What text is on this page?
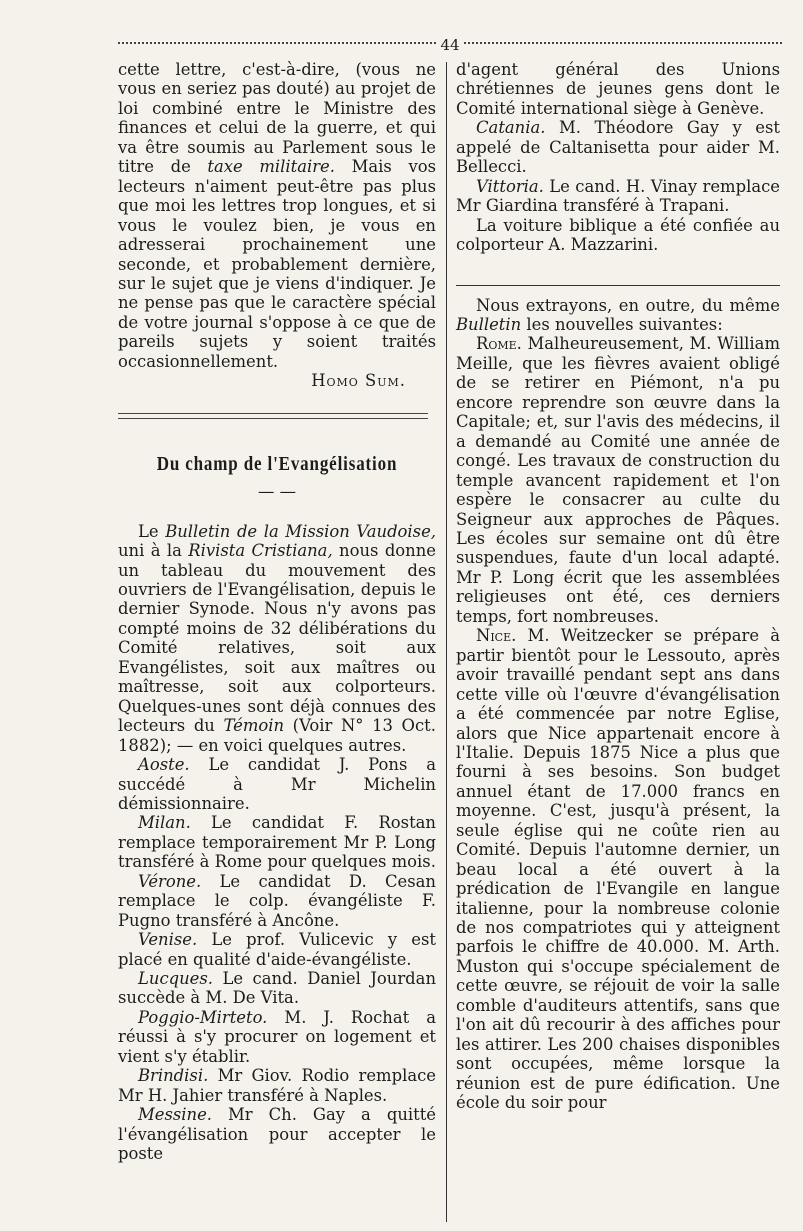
44

cette lettre, c'est-à-dire, (vous ne vous en seriez pas douté) au projet de loi combiné entre le Ministre des finances et celui de la guerre, et qui va être soumis au Parlement sous le titre de taxe militaire. Mais vos lecteurs n'aiment peut-être pas plus que moi les lettres trop longues, et si vous le voulez bien, je vous en adresserai prochainement une seconde, et probablement dernière, sur le sujet que je viens d'indiquer. Je ne pense pas que le caractère spécial de votre journal s'oppose à ce que de pareils sujets y soient traités occasionnellement.

Homo Sum.

Du champ de l'Evangélisation
— —

Le Bulletin de la Mission Vaudoise, uni à la Rivista Cristiana, nous donne un tableau du mouvement des ouvriers de l'Evangélisation, depuis le dernier Synode. Nous n'y avons pas compté moins de 32 délibérations du Comité relatives, soit aux Evangélistes, soit aux maîtres ou maîtresse, soit aux colporteurs. Quelques-unes sont déjà connues des lecteurs du Témoin (Voir N° 13 Oct. 1882); — en voici quelques autres.

Aoste. Le candidat J. Pons a succédé à Mr Michelin démissionnaire.

Milan. Le candidat F. Rostan remplace temporairement Mr P. Long transféré à Rome pour quelques mois.

Vérone. Le candidat D. Cesan remplace le colp. évangéliste F. Pugno transféré à Ancône.

Venise. Le prof. Vulicevic y est placé en qualité d'aide-évangéliste.

Lucques. Le cand. Daniel Jourdan succède à M. De Vita.

Poggio-Mirteto. M. J. Rochat a réussi à s'y procurer on logement et vient s'y établir.

Brindisi. Mr Giov. Rodio remplace Mr H. Jahier transféré à Naples.

Messine. Mr Ch. Gay a quitté l'évangélisation pour accepter le poste

d'agent général des Unions chrétiennes de jeunes gens dont le Comité international siège à Genève.

Catania. M. Théodore Gay y est appelé de Caltanisetta pour aider M. Bellecci.

Vittoria. Le cand. H. Vinay remplace Mr Giardina transféré à Trapani.

La voiture biblique a été confiée au colporteur A. Mazzarini.

Nous extrayons, en outre, du même Bulletin les nouvelles suivantes:

Rome. Malheureusement, M. William Meille, que les fièvres avaient obligé de se retirer en Piémont, n'a pu encore reprendre son œuvre dans la Capitale; et, sur l'avis des médecins, il a demandé au Comité une année de congé. Les travaux de construction du temple avancent rapidement et l'on espère le consacrer au culte du Seigneur aux approches de Pâques. Les écoles sur semaine ont dû être suspendues, faute d'un local adapté. Mr P. Long écrit que les assemblées religieuses ont été, ces derniers temps, fort nombreuses.

Nice. M. Weitzecker se prépare à partir bientôt pour le Lessouto, après avoir travaillé pendant sept ans dans cette ville où l'œuvre d'évangélisation a été commencée par notre Eglise, alors que Nice appartenait encore à l'Italie. Depuis 1875 Nice a plus que fourni à ses besoins. Son budget annuel étant de 17.000 francs en moyenne. C'est, jusqu'à présent, la seule église qui ne coûte rien au Comité. Depuis l'automne dernier, un beau local a été ouvert à la prédication de l'Evangile en langue italienne, pour la nombreuse colonie de nos compatriotes qui y atteignent parfois le chiffre de 40.000. M. Arth. Muston qui s'occupe spécialement de cette œuvre, se réjouit de voir la salle comble d'auditeurs attentifs, sans que l'on ait dû recourir à des affiches pour les attirer. Les 200 chaises disponibles sont occupées, même lorsque la réunion est de pure édification. Une école du soir pour
